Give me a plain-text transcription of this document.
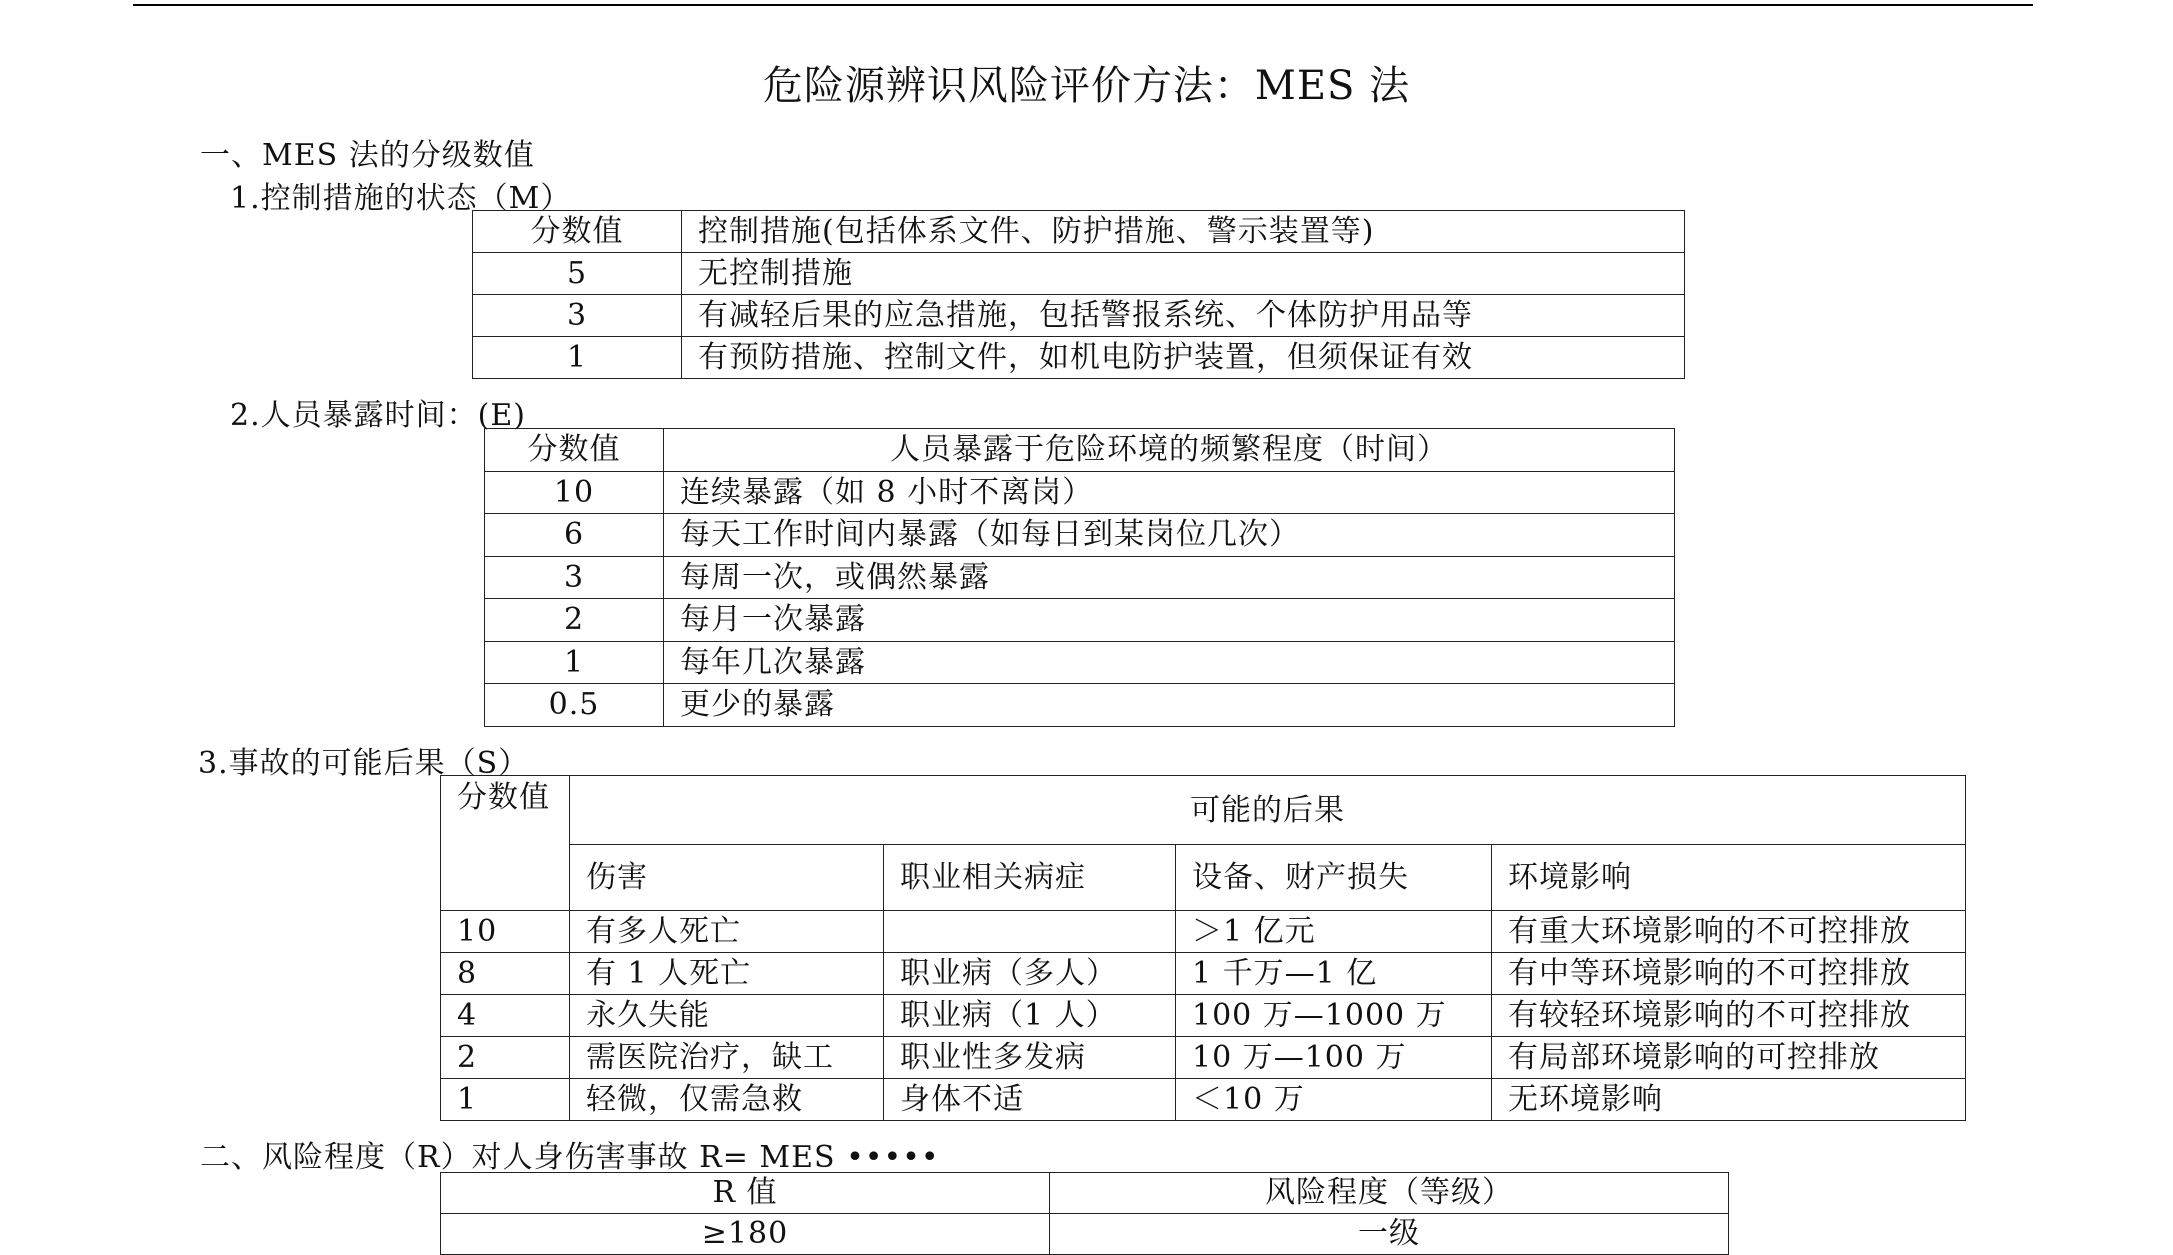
危险源辨识风险评价方法：MES 法

一、MES 法的分级数值

1.控制措施的状态（M）

分数值	控制措施(包括体系文件、防护措施、警示装置等)
5	无控制措施
3	有减轻后果的应急措施，包括警报系统、个体防护用品等
1	有预防措施、控制文件，如机电防护装置，但须保证有效

2.人员暴露时间：(E)

分数值	人员暴露于危险环境的频繁程度（时间）
10	连续暴露（如 8 小时不离岗）
6	每天工作时间内暴露（如每日到某岗位几次）
3	每周一次，或偶然暴露
2	每月一次暴露
1	每年几次暴露
0.5	更少的暴露

3.事故的可能后果（S）

分数值	可能的后果			
	伤害	职业相关病症	设备、财产损失	环境影响
10	有多人死亡		＞1 亿元	有重大环境影响的不可控排放
8	有 1 人死亡	职业病（多人）	1 千万—1 亿	有中等环境影响的不可控排放
4	永久失能	职业病（1 人）	100 万—1000 万	有较轻环境影响的不可控排放
2	需医院治疗，缺工	职业性多发病	10 万—100 万	有局部环境影响的可控排放
1	轻微，仅需急救	身体不适	＜10 万	无环境影响

二、风险程度（R）对人身伤害事故 R= MES •••••

R 值	风险程度（等级）
≥180	一级
